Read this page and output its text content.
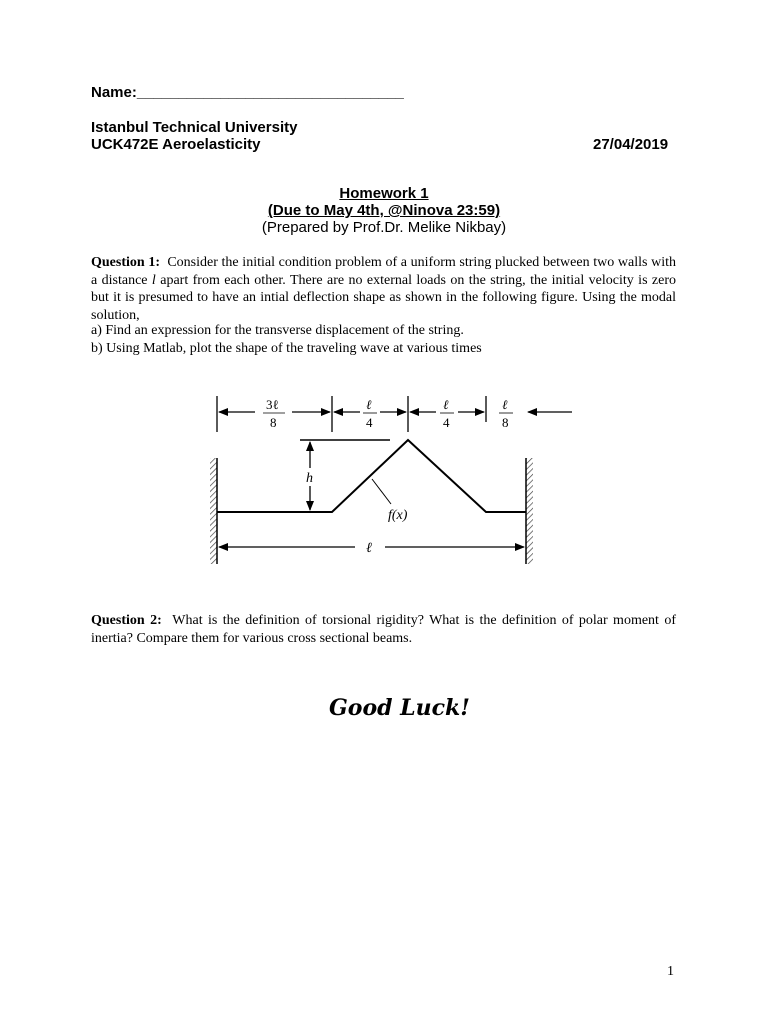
Name:________________________________
Istanbul Technical University
UCK472E Aeroelasticity	27/04/2019
Homework 1
(Due to May 4th, @Ninova 23:59)
(Prepared by Prof.Dr. Melike Nikbay)
Question 1: Consider the initial condition problem of a uniform string plucked between two walls with a distance l apart from each other. There are no external loads on the string, the initial velocity is zero but it is presumed to have an intial deflection shape as shown in the following figure. Using the modal solution,
a) Find an expression for the transverse displacement of the string.
b) Using Matlab, plot the shape of the traveling wave at various times
f(x)
h
ℓ
3ℓ
8
ℓ
4
ℓ
4
ℓ
8
Question 2: What is the definition of torsional rigidity? What is the definition of polar moment of inertia? Compare them for various cross sectional beams.
Good Luck!
1
